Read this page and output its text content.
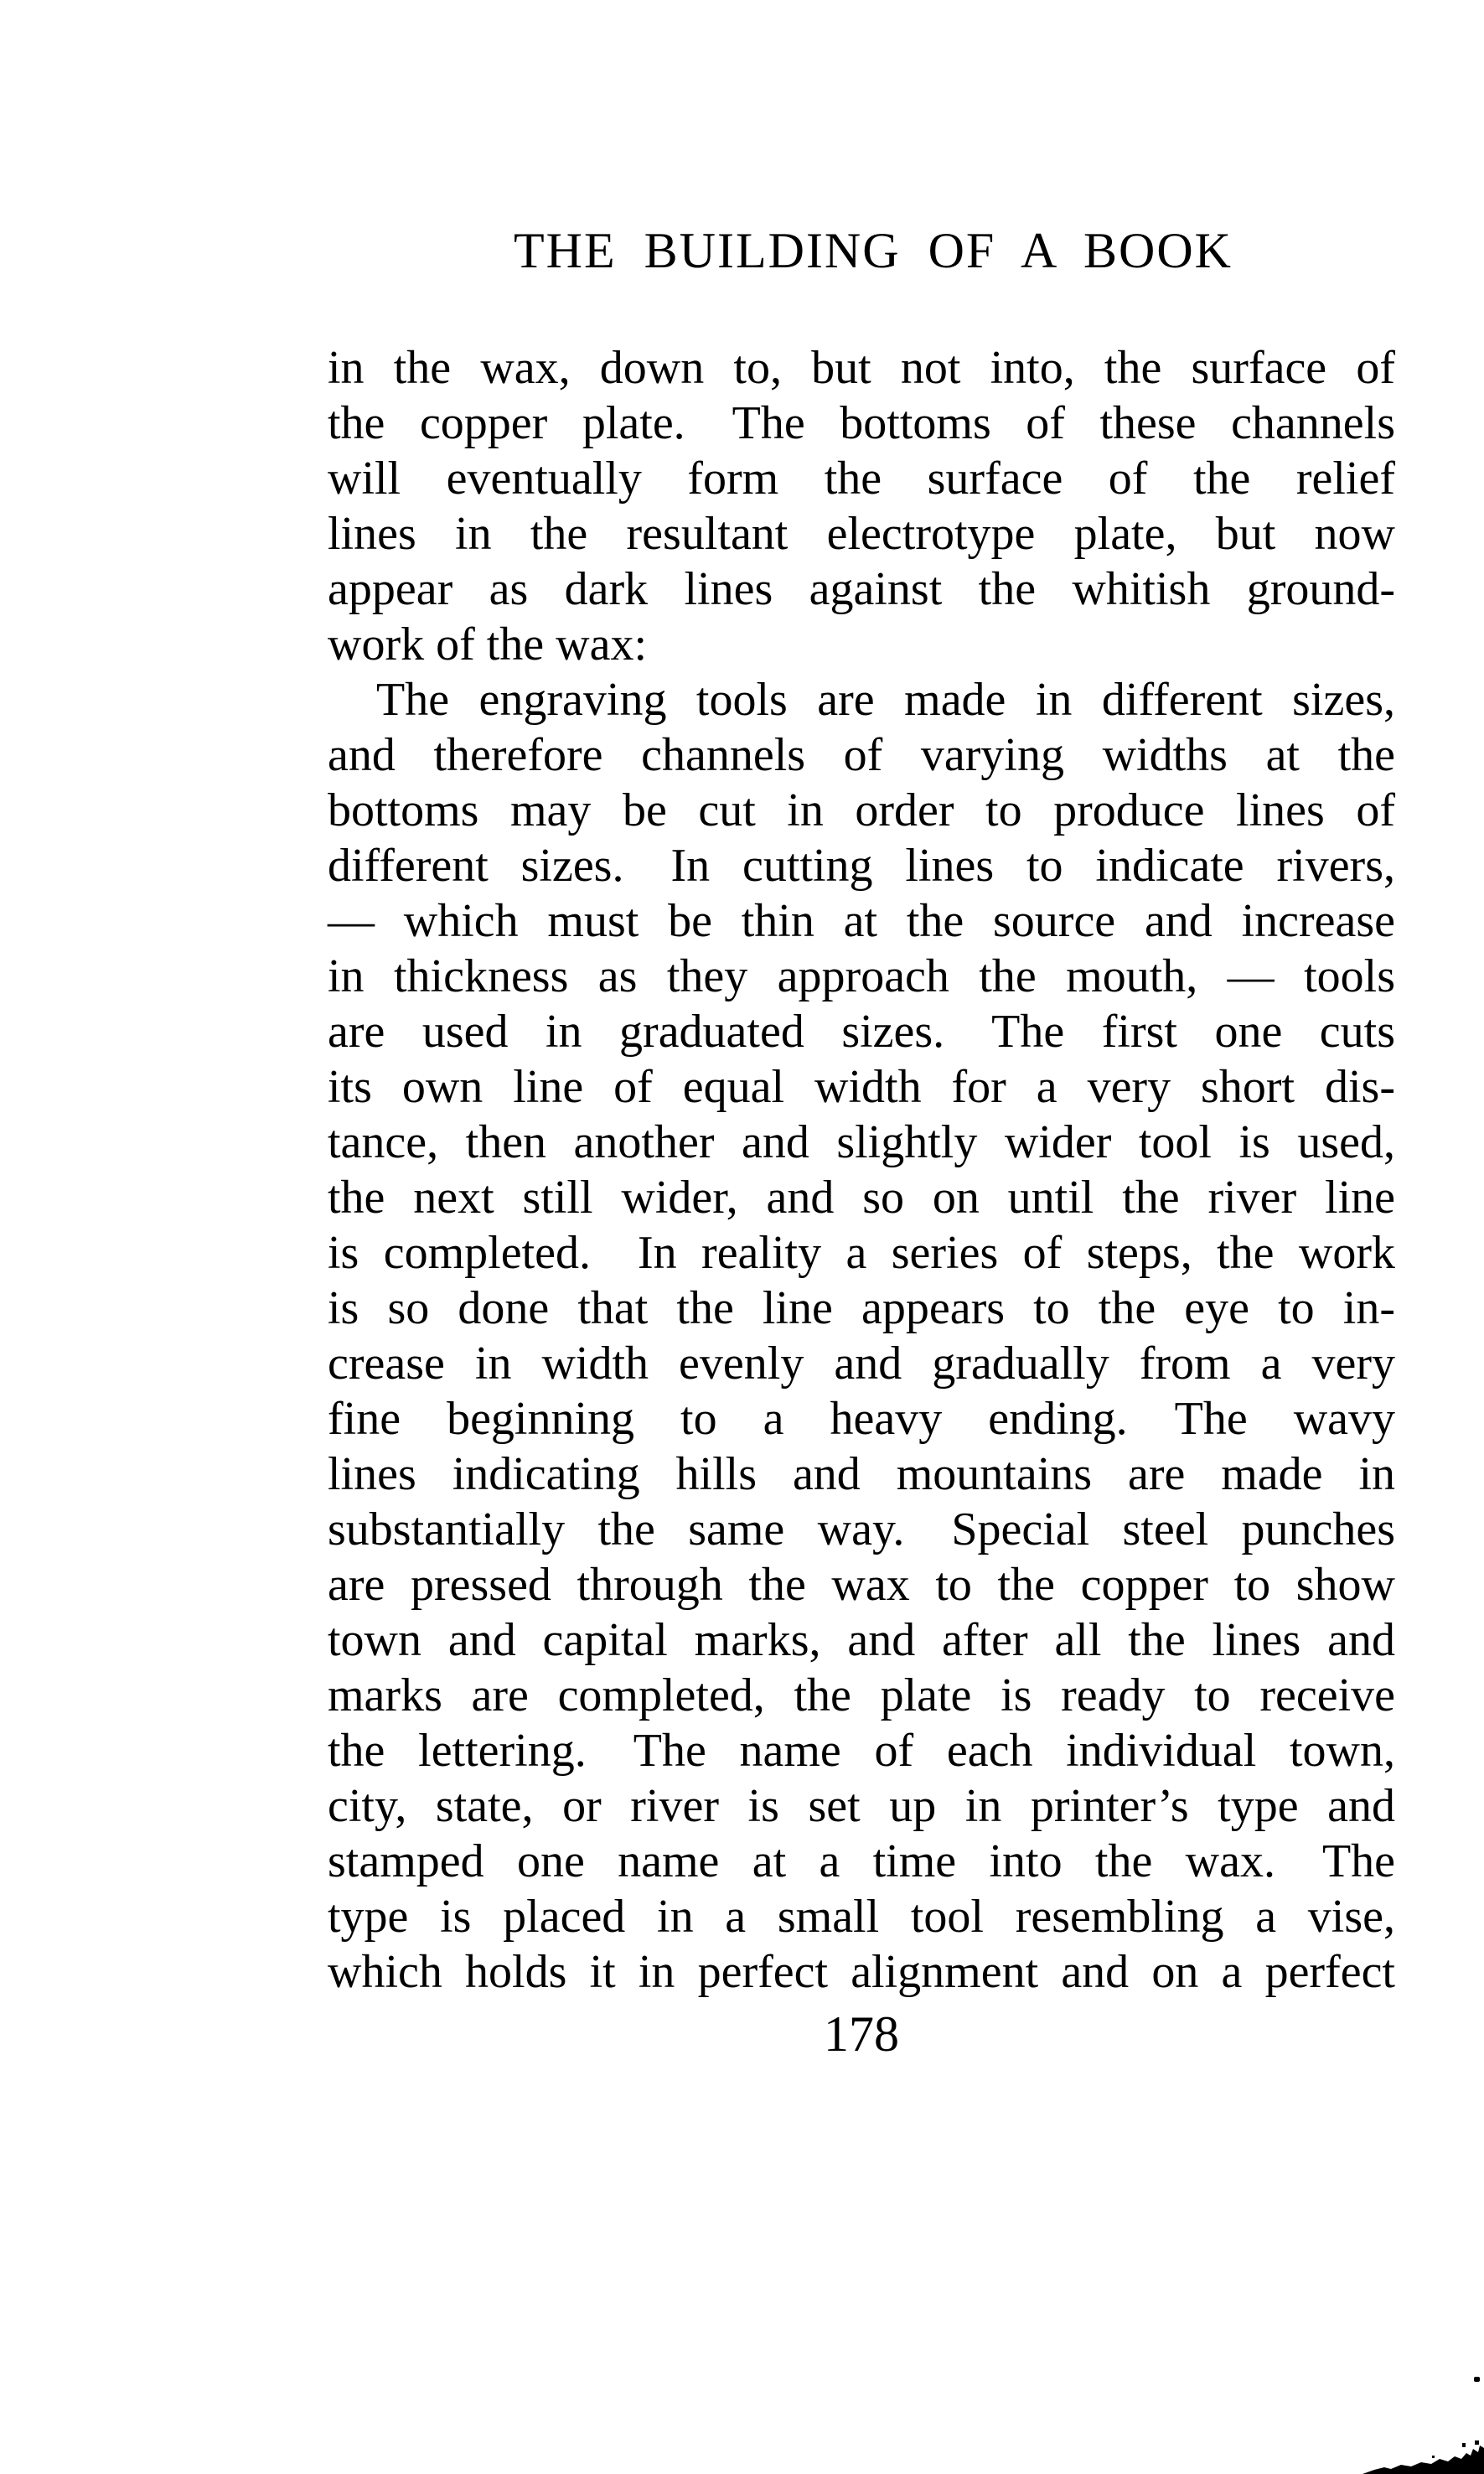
THE BUILDING OF A BOOK
in the wax, down to, but not into, the surface of
the copper plate. The bottoms of these channels
will eventually form the surface of the relief
lines in the resultant electrotype plate, but now
appear as dark lines against the whitish ground-
work of the wax:
The engraving tools are made in different sizes,
and therefore channels of varying widths at the
bottoms may be cut in order to produce lines of
different sizes. In cutting lines to indicate rivers,
— which must be thin at the source and increase
in thickness as they approach the mouth, — tools
are used in graduated sizes. The first one cuts
its own line of equal width for a very short dis-
tance, then another and slightly wider tool is used,
the next still wider, and so on until the river line
is completed. In reality a series of steps, the work
is so done that the line appears to the eye to in-
crease in width evenly and gradually from a very
fine beginning to a heavy ending. The wavy
lines indicating hills and mountains are made in
substantially the same way. Special steel punches
are pressed through the wax to the copper to show
town and capital marks, and after all the lines and
marks are completed, the plate is ready to receive
the lettering. The name of each individual town,
city, state, or river is set up in printer’s type and
stamped one name at a time into the wax. The
type is placed in a small tool resembling a vise,
which holds it in perfect alignment and on a perfect
178
